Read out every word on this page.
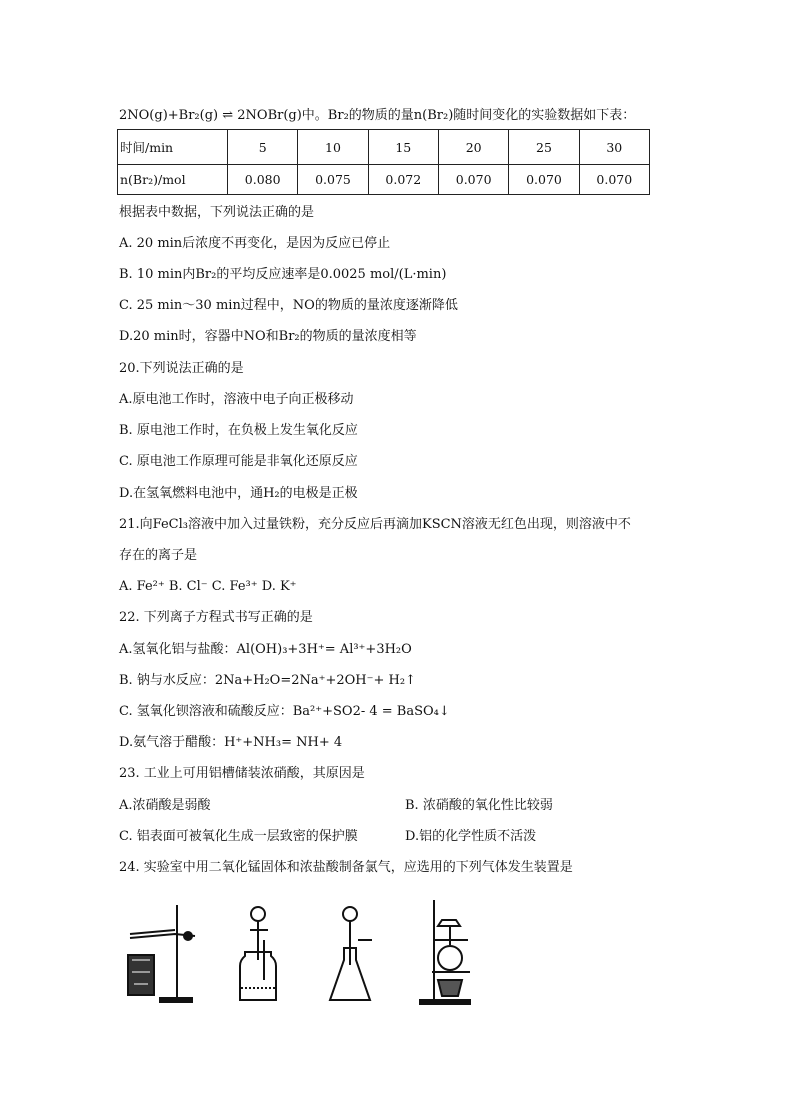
2NO(g)+Br₂(g) ⇌ 2NOBr(g)中。Br₂的物质的量n(Br₂)随时间变化的实验数据如下表：
时间/min	5	10	15	20	25	30
n(Br₂)/mol	0.080	0.075	0.072	0.070	0.070	0.070
根据表中数据，下列说法正确的是
A. 20 min后浓度不再变化，是因为反应已停止
B. 10 min内Br₂的平均反应速率是0.0025 mol/(L·min)
C. 25 min～30 min过程中，NO的物质的量浓度逐渐降低
D.20 min时，容器中NO和Br₂的物质的量浓度相等
20.下列说法正确的是
A.原电池工作时，溶液中电子向正极移动
B. 原电池工作时，在负极上发生氧化反应
C. 原电池工作原理可能是非氧化还原反应
D.在氢氧燃料电池中，通H₂的电极是正极
21.向FeCl₃溶液中加入过量铁粉，充分反应后再滴加KSCN溶液无红色出现，则溶液中不
存在的离子是
A. Fe²⁺ B. Cl⁻ C. Fe³⁺ D. K⁺
22. 下列离子方程式书写正确的是
A.氢氧化铝与盐酸：Al(OH)₃+3H⁺= Al³⁺+3H₂O
B. 钠与水反应：2Na+H₂O=2Na⁺+2OH⁻+ H₂↑
C. 氢氧化钡溶液和硫酸反应：Ba²⁺+SO2- 4 = BaSO₄↓
D.氨气溶于醋酸：H⁺+NH₃= NH+ 4
23. 工业上可用铝槽储装浓硝酸，其原因是
A.浓硝酸是弱酸	B. 浓硝酸的氧化性比较弱
C. 铝表面可被氧化生成一层致密的保护膜	D.铝的化学性质不活泼
24. 实验室中用二氧化锰固体和浓盐酸制备氯气，应选用的下列气体发生装置是
